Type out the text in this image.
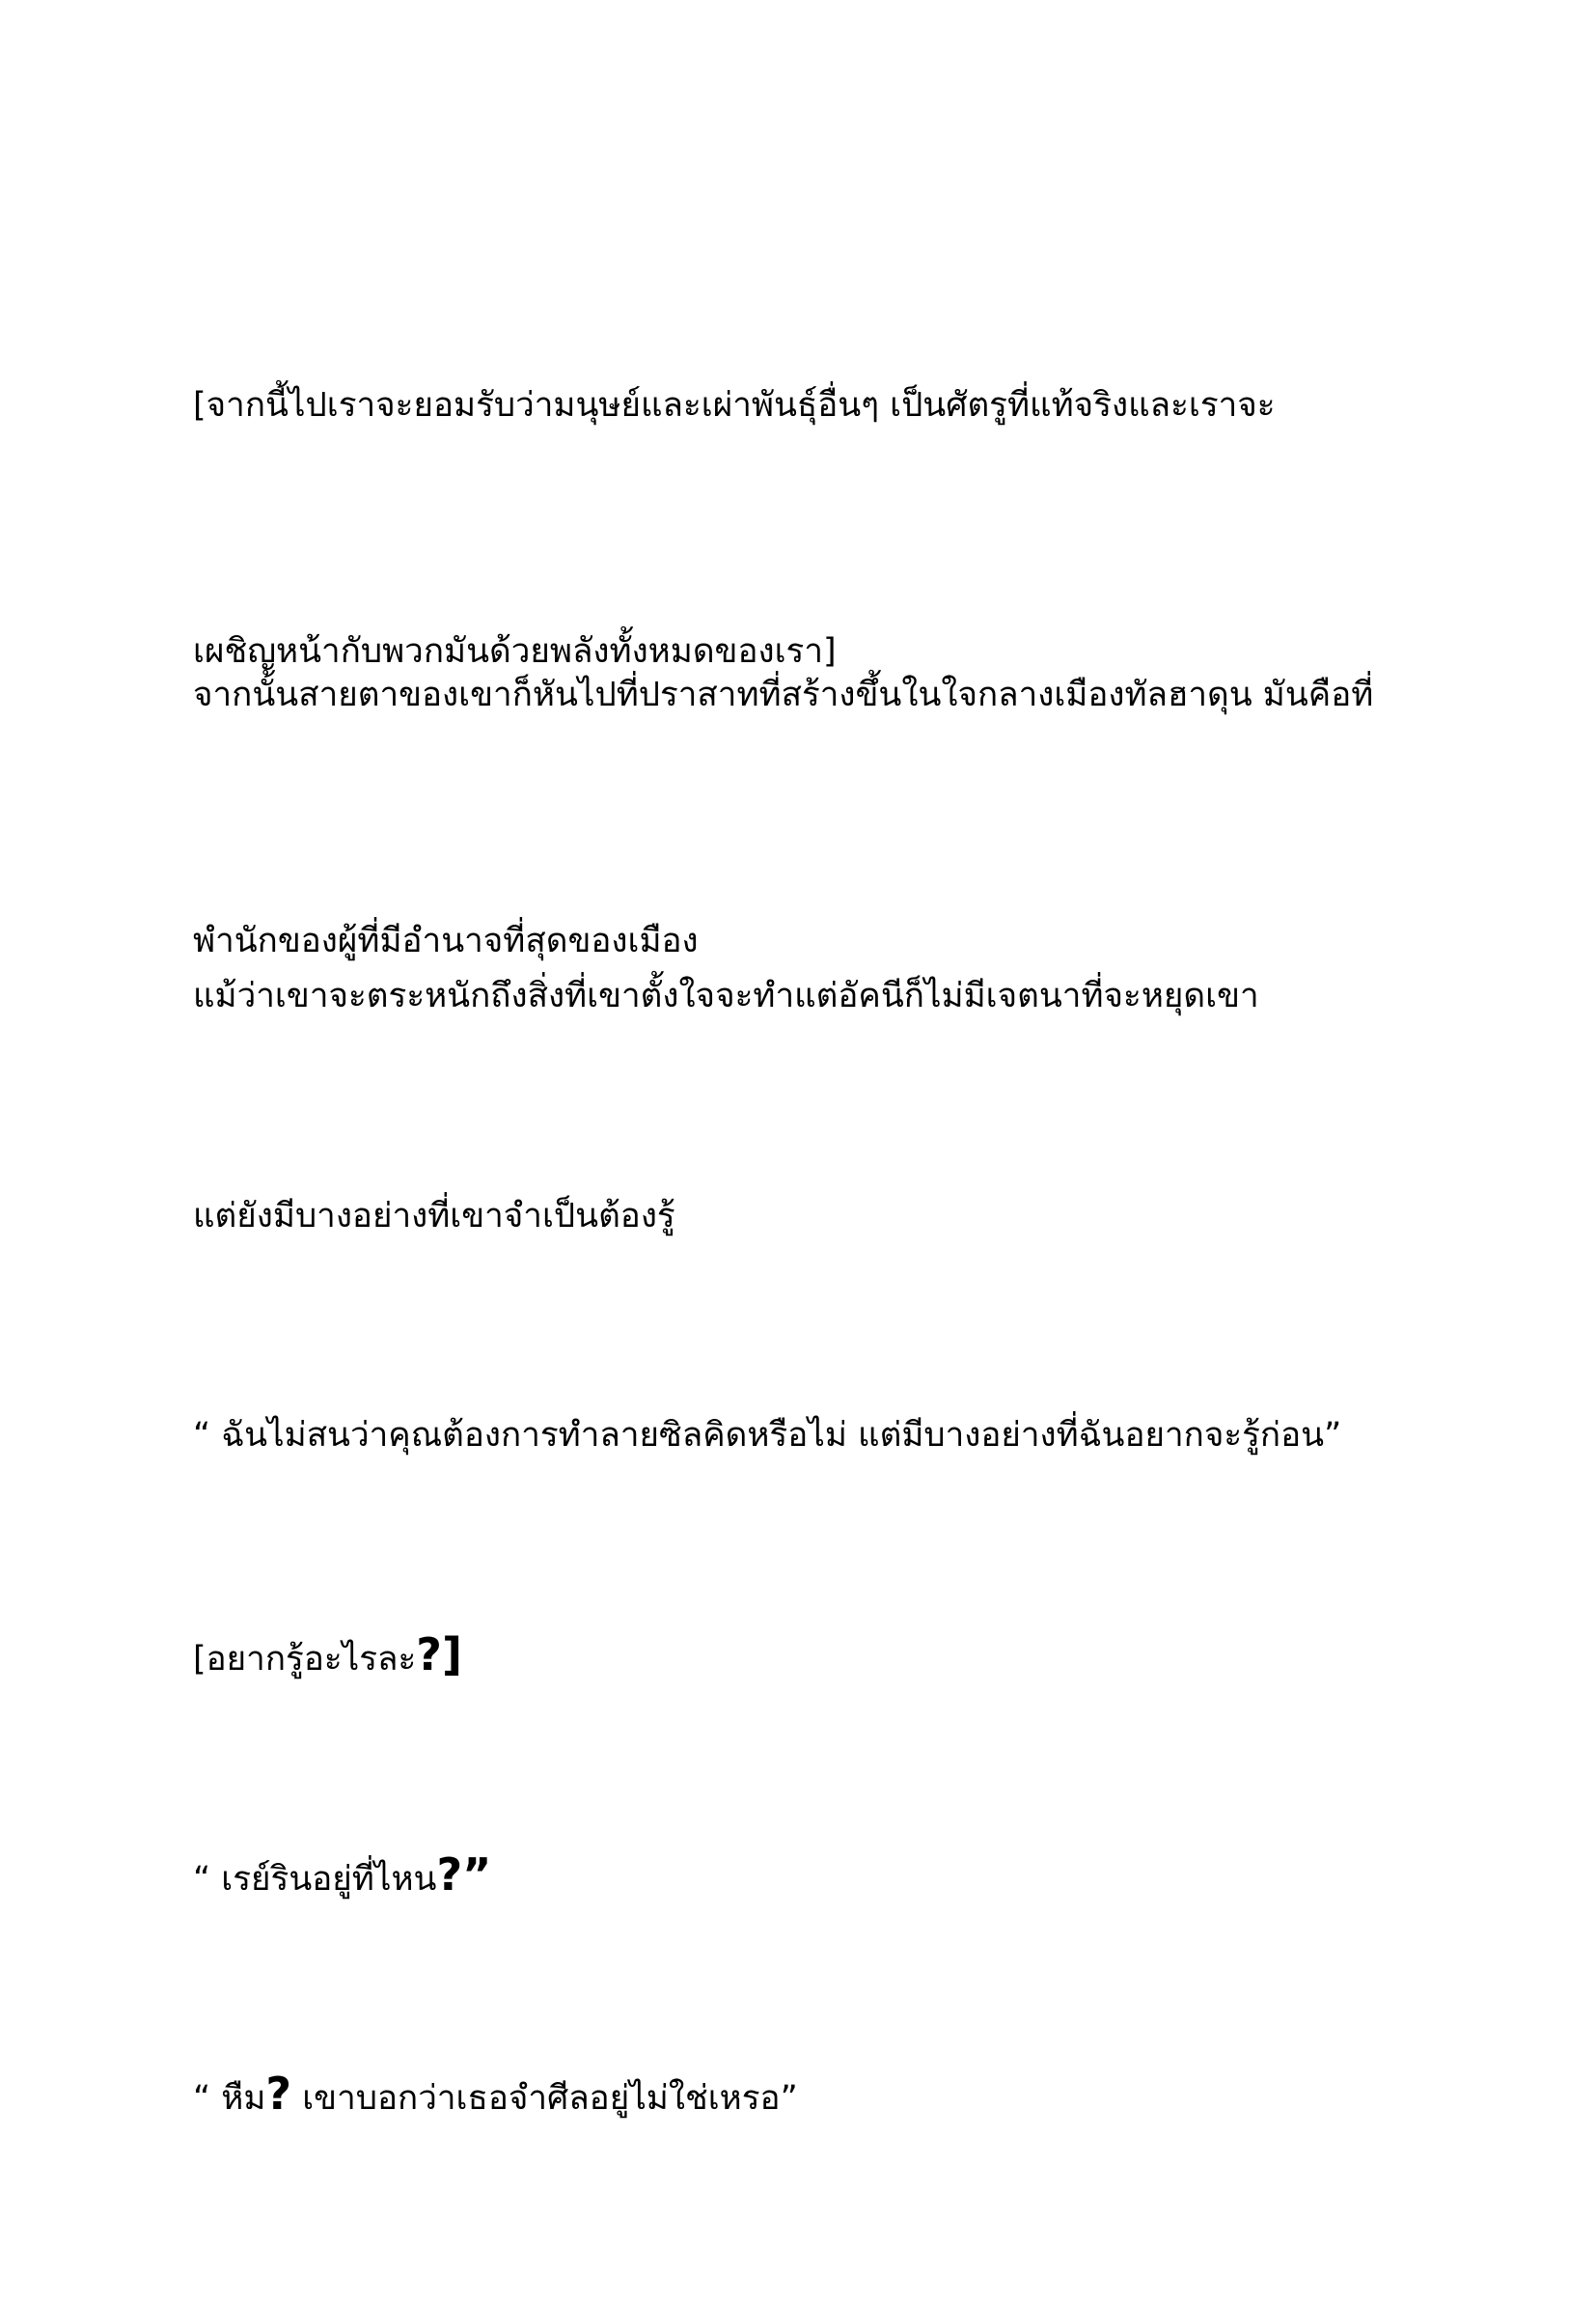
[จากนี้ไปเราจะยอมรับว่ามนุษย์และเผ่าพันธุ์อื่นๆ เป็นศัตรูที่แท้จริงและเราจะ

เผชิญหน้ากับพวกมันด้วยพลังทั้งหมดของเรา]

จากนั้นสายตาของเขาก็หันไปที่ปราสาทที่สร้างขึ้นในใจกลางเมืองทัลฮาดุน มันคือที่

พำนักของผู้ที่มีอำนาจที่สุดของเมือง

แม้ว่าเขาจะตระหนักถึงสิ่งที่เขาตั้งใจจะทำแต่อัคนีก็ไม่มีเจตนาที่จะหยุดเขา

แต่ยังมีบางอย่างที่เขาจำเป็นต้องรู้

“ ฉันไม่สนว่าคุณต้องการทำลายซิลคิดหรือไม่ แต่มีบางอย่างที่ฉันอยากจะรู้ก่อน”

[อยากรู้อะไรละ?]

“ เรย์รินอยู่ที่ไหน?”

“ หืม? เขาบอกว่าเธอจำศีลอยู่ไม่ใช่เหรอ”
